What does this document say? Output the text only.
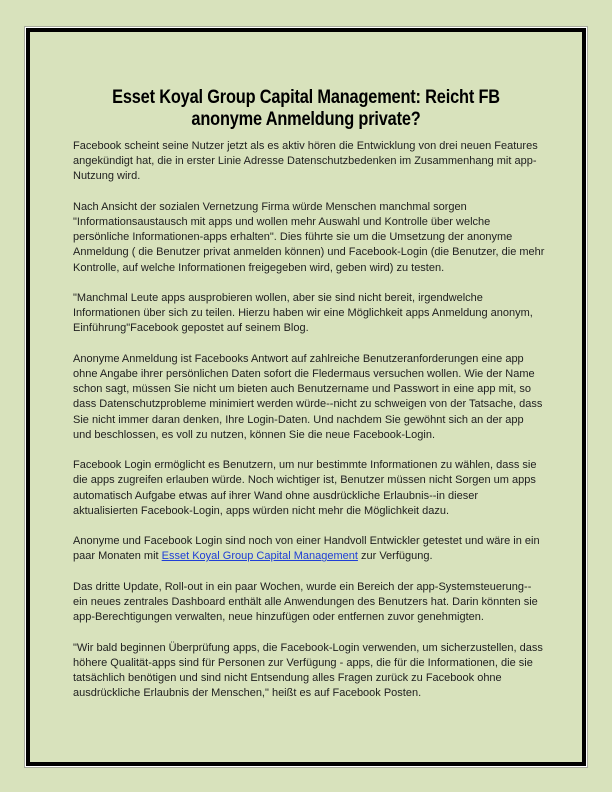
Esset Koyal Group Capital Management: Reicht FB anonyme Anmeldung private?

Facebook scheint seine Nutzer jetzt als es aktiv hören die Entwicklung von drei neuen Features angekündigt hat, die in erster Linie Adresse Datenschutzbedenken im Zusammenhang mit app-Nutzung wird.

Nach Ansicht der sozialen Vernetzung Firma würde Menschen manchmal sorgen "Informationsaustausch mit apps und wollen mehr Auswahl und Kontrolle über welche persönliche Informationen-apps erhalten". Dies führte sie um die Umsetzung der anonyme Anmeldung ( die Benutzer privat anmelden können) und Facebook-Login (die Benutzer, die mehr Kontrolle, auf welche Informationen freigegeben wird, geben wird) zu testen.

"Manchmal Leute apps ausprobieren wollen, aber sie sind nicht bereit, irgendwelche Informationen über sich zu teilen. Hierzu haben wir eine Möglichkeit apps Anmeldung anonym, Einführung"Facebook gepostet auf seinem Blog.

Anonyme Anmeldung ist Facebooks Antwort auf zahlreiche Benutzeranforderungen eine app ohne Angabe ihrer persönlichen Daten sofort die Fledermaus versuchen wollen. Wie der Name schon sagt, müssen Sie nicht um bieten auch Benutzername und Passwort in eine app mit, so dass Datenschutzprobleme minimiert werden würde--nicht zu schweigen von der Tatsache, dass Sie nicht immer daran denken, Ihre Login-Daten. Und nachdem Sie gewöhnt sich an der app und beschlossen, es voll zu nutzen, können Sie die neue Facebook-Login.

Facebook Login ermöglicht es Benutzern, um nur bestimmte Informationen zu wählen, dass sie die apps zugreifen erlauben würde. Noch wichtiger ist, Benutzer müssen nicht Sorgen um apps automatisch Aufgabe etwas auf ihrer Wand ohne ausdrückliche Erlaubnis--in dieser aktualisierten Facebook-Login, apps würden nicht mehr die Möglichkeit dazu.

Anonyme und Facebook Login sind noch von einer Handvoll Entwickler getestet und wäre in ein paar Monaten mit Esset Koyal Group Capital Management zur Verfügung.

Das dritte Update, Roll-out in ein paar Wochen, wurde ein Bereich der app-Systemsteuerung--ein neues zentrales Dashboard enthält alle Anwendungen des Benutzers hat. Darin könnten sie app-Berechtigungen verwalten, neue hinzufügen oder entfernen zuvor genehmigten.

"Wir bald beginnen Überprüfung apps, die Facebook-Login verwenden, um sicherzustellen, dass höhere Qualität-apps sind für Personen zur Verfügung - apps, die für die Informationen, die sie tatsächlich benötigen und sind nicht Entsendung alles Fragen zurück zu Facebook ohne ausdrückliche Erlaubnis der Menschen," heißt es auf Facebook Posten.
